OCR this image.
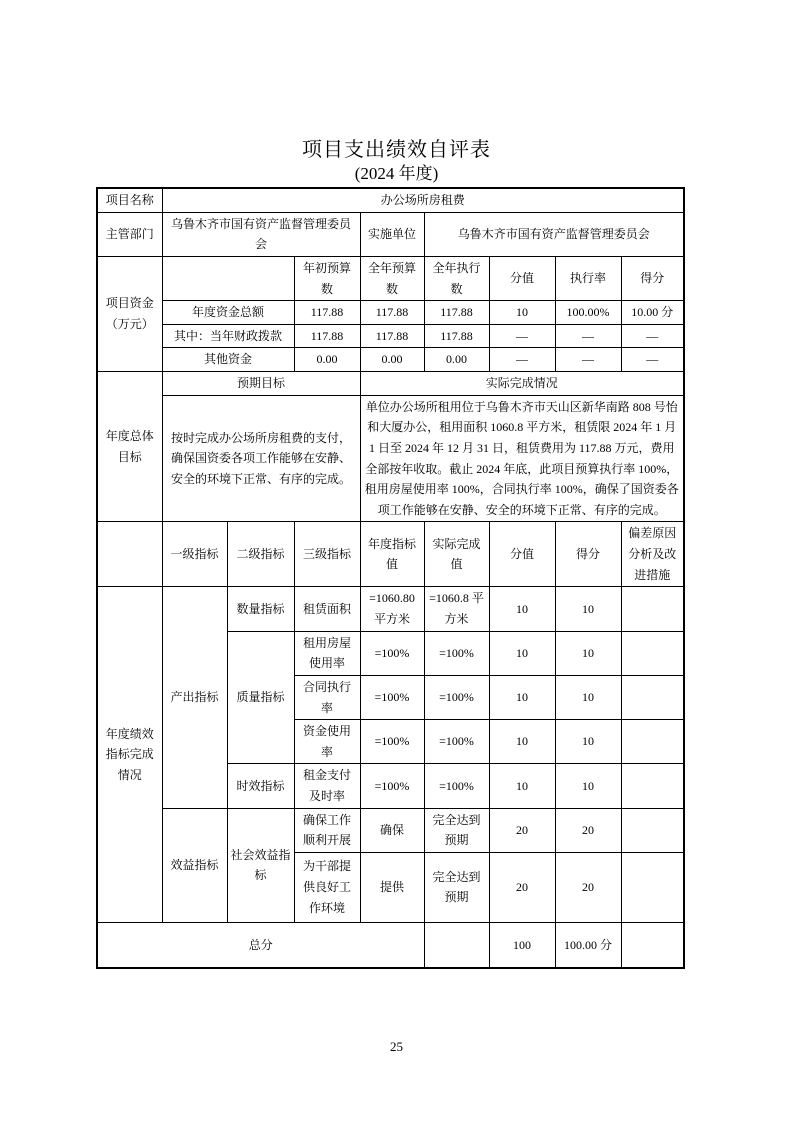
项目支出绩效自评表
(2024 年度)
项目名称	办公场所房租费							
主管部门	乌鲁木齐市国有资产监督管理委员会			实施单位	乌鲁木齐市国有资产监督管理委员会			
项目资金（万元）			年初预算数	全年预算数	全年执行数	分值	执行率	得分
	年度资金总额		117.88	117.88	117.88	10	100.00%	10.00 分
	其中：当年财政拨款		117.88	117.88	117.88	—	—	—
	其他资金		0.00	0.00	0.00	—	—	—
年度总体目标	预期目标			实际完成情况				
	按时完成办公场所房租费的支付，确保国资委各项工作能够在安静、安全的环境下正常、有序的完成。			单位办公场所租用位于乌鲁木齐市天山区新华南路 808 号怡和大厦办公，租用面积 1060.8 平方米，租赁限 2024 年 1 月 1 日至 2024 年 12 月 31 日，租赁费用为 117.88 万元，费用全部按年收取。截止 2024 年底，此项目预算执行率 100%，租用房屋使用率 100%，合同执行率 100%，确保了国资委各项工作能够在安静、安全的环境下正常、有序的完成。				
	一级指标	二级指标	三级指标	年度指标值	实际完成值	分值	得分	偏差原因分析及改进措施
年度绩效指标完成情况	产出指标	数量指标	租赁面积	=1060.80 平方米	=1060.8 平方米	10	10	
		质量指标	租用房屋使用率	=100%	=100%	10	10	
			合同执行率	=100%	=100%	10	10	
			资金使用率	=100%	=100%	10	10	
		时效指标	租金支付及时率	=100%	=100%	10	10	
	效益指标	社会效益指标	确保工作顺利开展	确保	完全达到预期	20	20	
			为干部提供良好工作环境	提供	完全达到预期	20	20	
总分						100	100.00 分	
25
